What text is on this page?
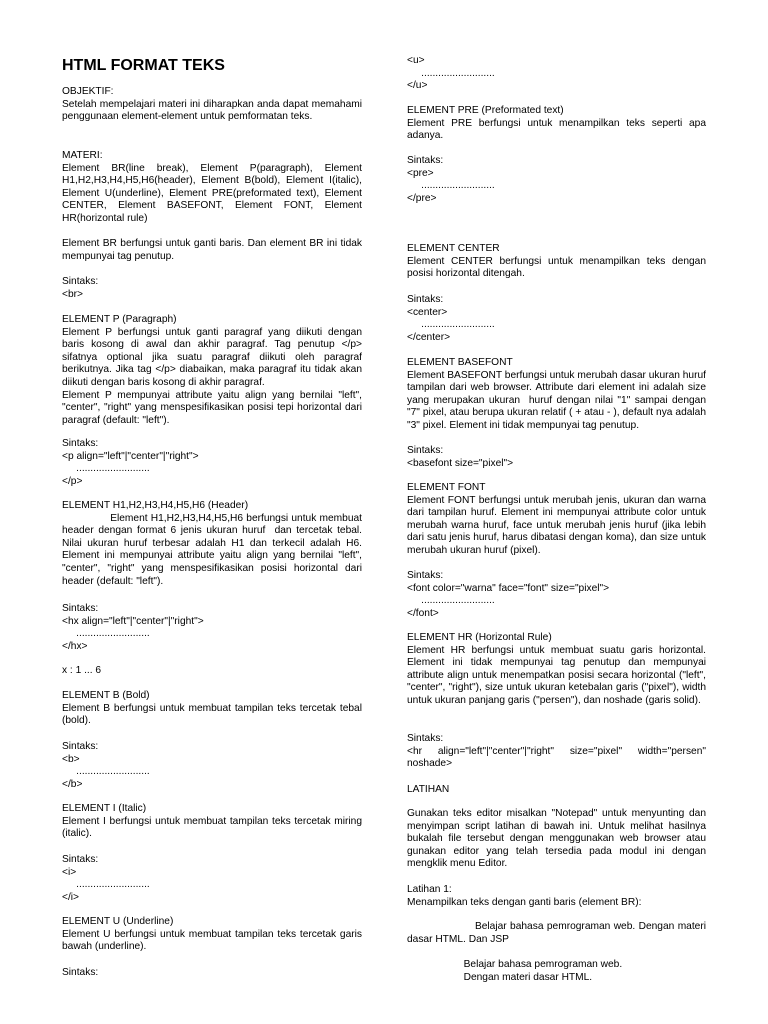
HTML FORMAT TEKS
OBJEKTIF:
Setelah mempelajari materi ini diharapkan anda dapat memahami penggunaan element-element untuk pemformatan teks.
MATERI:
Element BR(line break), Element P(paragraph), Element H1,H2,H3,H4,H5,H6(header), Element B(bold), Element I(italic), Element U(underline), Element PRE(preformated text), Element CENTER, Element BASEFONT, Element FONT, Element HR(horizontal rule)
Element BR berfungsi untuk ganti baris. Dan element BR ini tidak mempunyai tag penutup.
Sintaks:
<br>
ELEMENT P (Paragraph)
Element P berfungsi untuk ganti paragraf yang diikuti dengan baris kosong di awal dan akhir paragraf. Tag penutup </p> sifatnya optional jika suatu paragraf diikuti oleh paragraf berikutnya. Jika tag </p> diabaikan, maka paragraf itu tidak akan diikuti dengan baris kosong di akhir paragraf.
Element P mempunyai attribute yaitu align yang bernilai "left", "center", "right" yang menspesifikasikan posisi tepi horizontal dari paragraf (default: "left").
Sintaks:
<p align="left"|"center"|"right">
..........................
</p>
ELEMENT H1,H2,H3,H4,H5,H6 (Header)
Element H1,H2,H3,H4,H5,H6 berfungsi untuk membuat header dengan format 6 jenis ukuran huruf  dan tercetak tebal. Nilai ukuran huruf terbesar adalah H1 dan terkecil adalah H6. Element ini mempunyai attribute yaitu align yang bernilai "left", "center", "right" yang menspesifikasikan posisi horizontal dari header (default: "left").
Sintaks:
<hx align="left"|"center"|"right">
..........................
</hx>
x : 1 ... 6
ELEMENT B (Bold)
Element B berfungsi untuk membuat tampilan teks tercetak tebal (bold).
Sintaks:
<b>
..........................
</b>
ELEMENT I (Italic)
Element I berfungsi untuk membuat tampilan teks tercetak miring (italic).
Sintaks:
<i>
..........................
</i>
ELEMENT U (Underline)
Element U berfungsi untuk membuat tampilan teks tercetak garis bawah (underline).
Sintaks:
<u>
..........................
</u>
ELEMENT PRE (Preformated text)
Element PRE berfungsi untuk menampilkan teks seperti apa adanya.
Sintaks:
<pre>
..........................
</pre>
ELEMENT CENTER
Element CENTER berfungsi untuk menampilkan teks dengan posisi horizontal ditengah.
Sintaks:
<center>
..........................
</center>
ELEMENT BASEFONT
Element BASEFONT berfungsi untuk merubah dasar ukuran huruf tampilan dari web browser. Attribute dari element ini adalah size yang merupakan ukuran  huruf dengan nilai "1" sampai dengan "7" pixel, atau berupa ukuran relatif ( + atau - ), default nya adalah "3" pixel. Element ini tidak mempunyai tag penutup.
Sintaks:
<basefont size="pixel">
ELEMENT FONT
Element FONT berfungsi untuk merubah jenis, ukuran dan warna dari tampilan huruf. Element ini mempunyai attribute color untuk merubah warna huruf, face untuk merubah jenis huruf (jika lebih dari satu jenis huruf, harus dibatasi dengan koma), dan size untuk merubah ukuran huruf (pixel).
Sintaks:
<font color="warna" face="font" size="pixel">
..........................
</font>
ELEMENT HR (Horizontal Rule)
Element HR berfungsi untuk membuat suatu garis horizontal. Element ini tidak mempunyai tag penutup dan mempunyai attribute align untuk menempatkan posisi secara horizontal ("left", "center", "right"), size untuk ukuran ketebalan garis ("pixel"), width untuk ukuran panjang garis ("persen"), dan noshade (garis solid).
Sintaks:
<hr align="left"|"center"|"right" size="pixel" width="persen" noshade>
LATIHAN
Gunakan teks editor misalkan "Notepad" untuk menyunting dan menyimpan script latihan di bawah ini. Untuk melihat hasilnya bukalah file tersebut dengan menggunakan web browser atau gunakan editor yang telah tersedia pada modul ini dengan mengklik menu Editor.
Latihan 1:
Menampilkan teks dengan ganti baris (element BR):
Belajar bahasa pemrograman web. Dengan materi dasar HTML. Dan JSP
Belajar bahasa pemrograman web.
Dengan materi dasar HTML.
